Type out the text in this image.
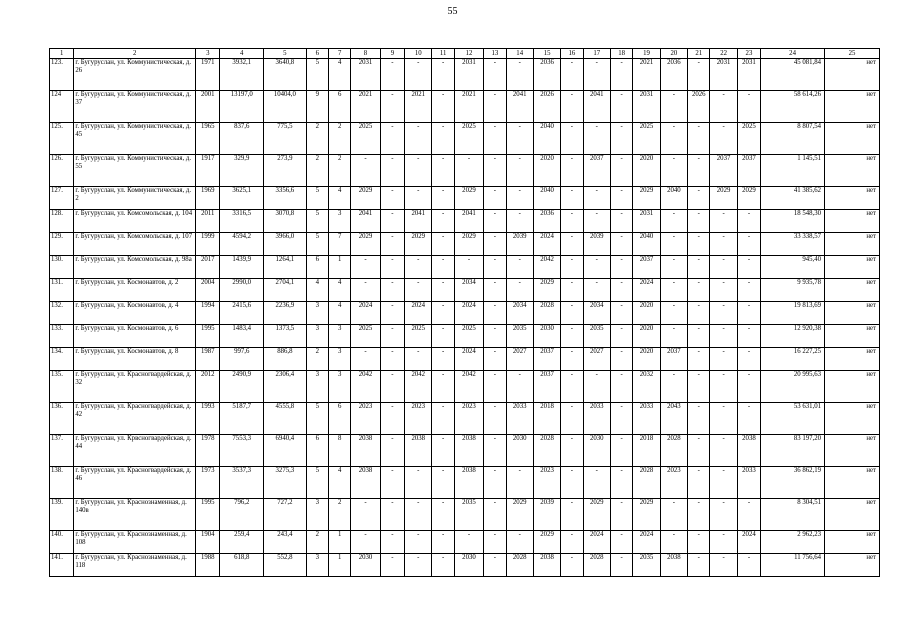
55
1	2	3	4	5	6	7	8	9	10	11	12	13	14	15	16	17	18	19	20	21	22	23	24	25
123.	г. Бугуруслан, ул. Коммунистическая, д. 26	1971	3932,1	3640,8	5	4	2031	-	-	-	2031	-	-	2036	-	-	-	2021	2036	-	2031	2031	45 081,84	нет
124	г. Бугуруслан, ул. Коммунистическая, д. 37	2001	13197,0	10404,0	9	6	2021	-	2021	-	2021	-	2041	2026	-	2041	-	2031	-	2026	-	-	58 614,26	нет
125.	г. Бугуруслан, ул. Коммунистическая, д. 45	1965	837,6	775,5	2	2	2025	-	-	-	2025	-	-	2040	-	-	-	2025	-	-	-	2025	8 807,54	нет
126.	г. Бугуруслан, ул. Коммунистическая, д. 55	1917	329,9	273,9	2	2	-	-	-	-	-	-	-	2020	-	2037	-	2020	-	-	2037	2037	1 145,51	нет
127.	г. Бугуруслан, ул. Коммунистическая, д. 2	1969	3625,1	3356,6	5	4	2029	-	-	-	2029	-	-	2040	-	-	-	2029	2040	-	2029	2029	41 385,62	нет
128.	г. Бугуруслан, ул. Комсомольская, д. 104	2011	3316,5	3070,8	5	3	2041	-	2041	-	2041	-	-	2036	-	-	-	2031	-	-	-	-	18 548,30	нет
129.	г. Бугуруслан, ул. Комсомольская, д. 107	1999	4594,2	3966,0	5	7	2029	-	2029	-	2029	-	2039	2024	-	2039	-	2040	-	-	-	-	33 338,57	нет
130.	г. Бугуруслан, ул. Комсомольская, д. 98а	2017	1439,9	1264,1	6	1	-	-	-	-	-	-	-	2042	-	-	-	2037	-	-	-	-	945,40	нет
131.	г. Бугуруслан, ул. Космонавтов, д. 2	2004	2990,0	2704,1	4	4	-	-	-	-	2034	-	-	2029	-	-	-	2024	-	-	-	-	9 935,78	нет
132.	г. Бугуруслан, ул. Космонавтов, д. 4	1994	2415,6	2236,9	3	4	2024	-	2024	-	2024	-	2034	2028	-	2034	-	2020	-	-	-	-	19 813,69	нет
133.	г. Бугуруслан, ул. Космонавтов, д. 6	1995	1483,4	1373,5	3	3	2025	-	2025	-	2025	-	2035	2030	-	2035	-	2020	-	-	-	-	12 920,38	нет
134.	г. Бугуруслан, ул. Космонавтов, д. 8	1987	997,6	886,8	2	3	-	-	-	-	2024	-	2027	2037	-	2027	-	2020	2037	-	-	-	16 227,25	нет
135.	г. Бугуруслан, ул. Красногвардейская, д. 32	2012	2490,9	2306,4	3	3	2042	-	2042	-	2042	-	-	2037	-	-	-	2032	-	-	-	-	20 995,63	нет
136.	г. Бугуруслан, ул. Красногвардейская, д. 42	1993	5187,7	4555,8	5	6	2023	-	2023	-	2023	-	2033	2018	-	2033	-	2033	2043	-	-	-	53 631,01	нет
137.	г. Бугуруслан, ул. Крвсногвардейская, д. 44	1978	7553,3	6940,4	6	8	2038	-	2038	-	2038	-	2030	2028	-	2030	-	2018	2028	-	-	2038	83 197,20	нет
138.	г. Бугуруслан, ул. Красногвардейская, д. 46	1973	3537,3	3275,3	5	4	2038	-	-	-	2038	-	-	2023	-	-	-	2028	2023	-	-	2033	36 862,19	нет
139.	г. Бугуруслан, ул. Краснознаменная, д. 140в	1995	796,2	727,2	3	2	-	-	-	-	2035	-	2029	2039	-	2029	-	2029	-	-	-	-	8 304,51	нет
140.	г. Бугуруслан, ул. Краснознаменная, д. 108	1904	259,4	243,4	2	1	-	-	-	-	-	-	-	2029	-	2024	-	2024	-	-	-	2024	2 962,23	нет
141.	г. Бугуруслан, ул. Краснознаменная, д. 118	1988	618,8	552,8	3	1	2030	-	-	-	2030	-	2028	2038	-	2028	-	2035	2038	-	-	-	11 756,64	нет
